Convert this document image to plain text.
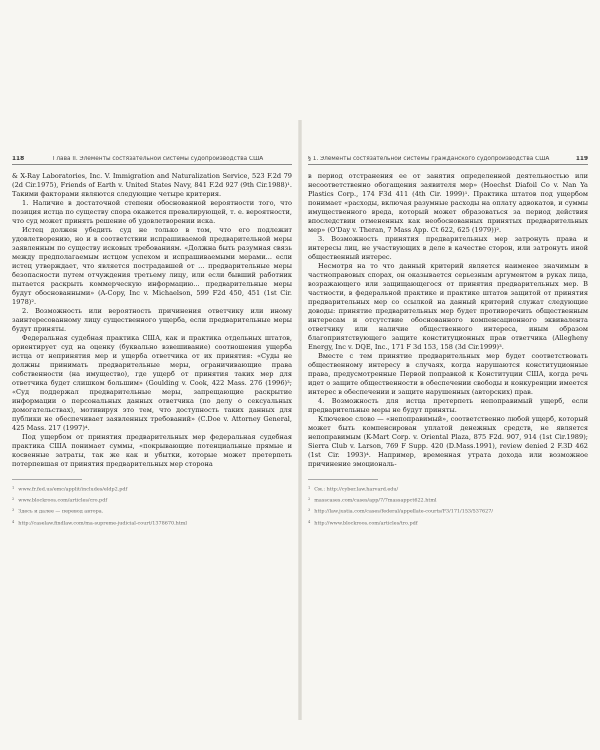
118	Глава II. Элементы состязательной системы судопроизводства США

& X-Ray Laboratories, Inc. V. Immigration and Naturalization Service, 523 F.2d 79 (2d Cir.1975), Friends of Earth v. United States Navy, 841 F.2d 927 (9th Cir.1988)¹. Такими факторами являются следующие четыре критерия.

1. Наличие в достаточной степени обоснованной вероятности того, что позиция истца по существу спора окажется превалирующей, т. е. вероятности, что суд может принять решение об удовлетворении иска.

Истец должен убедить суд не только в том, что его подлежит удовлетворению, но и в соответствии испрашиваемой предварительной меры заявленным по существу исковых требованиям. «Должна быть разумная связь между предполагаемым истцом успехом и испрашиваемыми мерами... если истец утверждает, что является пострадавшей от ... предварительные меры безопасности путем отчуждения третьему лицу, или если бывший работник пытается раскрыть коммерческую информацию... предварительные меры будут обоснованными» (A-Copy, Inc v. Michaelson, 599 F2d 450, 451 (1st Cir. 1978)².

2. Возможность или вероятность причинения ответчику или иному заинтересованному лицу существенного ущерба, если предварительные меры будут приняты.

Федеральная судебная практика США, как и практика отдельных штатов, ориентирует суд на оценку (буквально взвешивание) соотношения ущерба истца от непринятия мер и ущерба ответчика от их принятия: «Суды не должны принимать предварительные меры, ограничивающие права собственности (на имущество), где ущерб от принятия таких мер для ответчика будет слишком большим» (Goulding v. Cook, 422 Mass. 276 (1996)³; «Суд поддержал предварительные меры, запрещающие раскрытие информации о персональных данных ответчика (по делу о сексуальных домогательствах), мотивируя это тем, что доступность таких данных для публики не обеспечивает заявленных требований» (C.Doe v. Attorney General, 425 Mass. 217 (1997)⁴.

Под ущербом от принятия предварительных мер федеральная судебная практика США понимает суммы, «покрывающие потенциальные прямые и косвенные затраты, так же как и убытки, которые может претерпеть потерпевшая от принятия предварительных мер сторона

$^1$ www.fr.fed.us/emc/applit/includes/eldp2.pdf
$^2$ www.blockroos.com/articles/cro.pdf
$^3$ Здесь и далее — перевод автора.
$^4$ http://caselaw.findlaw.com/ma-supreme-judicial-court/1378670.html
§ 1. Элементы состязательной системы гражданского судопроизводства США	119

в период отстранения ее от занятия определенной деятельностью или несоответственно обогащения заявителя мер» (Hoechst Diafoil Co v. Nan Ya Plastics Corp., 174 F3d 411 (4th Cir. 1999)¹. Практика штатов под ущербом понимает «расходы, включая разумные расходы на оплату адвокатов, и суммы имущественного вреда, который может образоваться за период действия впоследствии отмененных как необоснованных принятых предварительных мер» (O'Day v. Theran, 7 Mass App. Ct 622, 625 (1979))².

3. Возможность принятия предварительных мер затронуть права и интересы лиц, не участвующих в деле в качестве сторон, или затронуть иной общественный интерес.

Несмотря на то что данный критерий является наименее значимым в частноправовых спорах, он оказывается серьезным аргументом в руках лица, возражающего или защищающегося от принятия предварительных мер. В частности, в федеральной практике и практике штатов защитой от принятия предварительных мер со ссылкой на данный критерий служат следующие доводы: принятие предварительных мер будет противоречить общественным интересам и отсутствие обоснованного компенсационного эквивалента ответчику или наличие общественного интереса, иным образом благоприятствующего защите конституционных прав ответчика (Allegheny Energy, Inc v. DQE, Inc., 171 F 3d 153, 158 (3d Cir.1999)³.

Вместе с тем принятие предварительных мер будет соответствовать общественному интересу в случаях, когда нарушаются конституционные права, предусмотренные Первой поправкой к Конституции США, когда речь идет о защите общественности в обеспечении свободы и конкуренции имеется интерес в обеспечении и защите нарушенных (авторских) прав.

4. Возможность для истца претерпеть непоправимый ущерб, если предварительные меры не будут приняты.

Ключевое слово — «непоправимый», соответственно любой ущерб, который может быть компенсирован уплатой денежных средств, не является непоправимым (K-Mart Corp. v. Oriental Plaza, 875 F2d. 907, 914 (1st Cir.1989); Sierra Club v. Larson, 769 F Supp. 420 (D.Mass.1991), review denied 2 F.3D 462 (1st Cir. 1993)⁴. Например, временная утрата дохода или возможное причинение эмоциональ-

$^1$ См.: http://cyber.law.harvard.edu/
$^2$ masscases.com/cases/app/7/7massappct622.html
$^3$ http://law.justia.com/cases/federal/appellate-courts/F3/171/153/537627/
$^4$ http://www.blockroos.com/articles/tro.pdf
